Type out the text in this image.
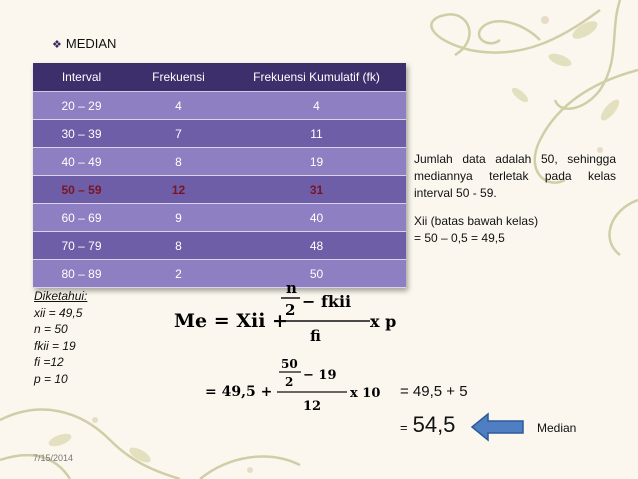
❖ MEDIAN
Interval	Frekuensi	Frekuensi Kumulatif (fk)
20 – 29	4	4
30 – 39	7	11
40 – 49	8	19
50 – 59	12	31
60 – 69	9	40
70 – 79	8	48
80 – 89	2	50
Jumlah data adalah 50, sehingga mediannya terletak pada kelas interval 50 - 59.
Xii (batas bawah kelas)
= 50 – 0,5 = 49,5
Diketahui:
xii = 49,5
n = 50
fkii = 19
fi =12
p = 10
Me = Xii +
n
2 − fkii
fi
x p
= 49,5 +
50
2 − 19
12
x 10 = 49,5 + 5
= 54,5	Median
7/15/2014
